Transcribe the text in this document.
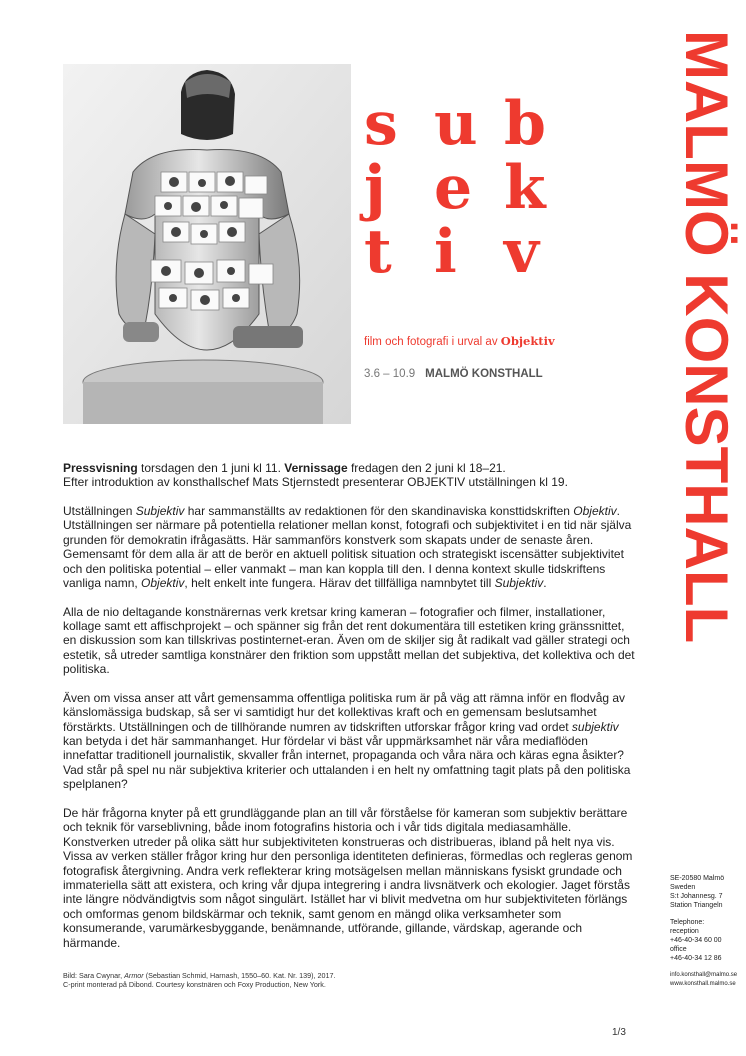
s u b
j e k
t i v
film och fotografi i urval av Objektiv
3.6 – 10.9 MALMÖ KONSTHALL MALMÖ KONSTHALL
SE-20580 Malmö
Sweden
S:t Johannesg. 7
Station Triangeln
Telephone:
reception
+46-40-34 60 00
office
+46-40-34 12 86
info.konsthall@malmo.se
www.konsthall.malmo.se

Pressvisning torsdagen den 1 juni kl 11. Vernissage fredagen den 2 juni kl 18–21.
Efter introduktion av konsthallschef Mats Stjernstedt presenterar OBJEKTIV utställningen kl 19.

Utställningen Subjektiv har sammanställts av redaktionen för den skandinaviska konsttidskriften Objektiv. Utställningen ser närmare på potentiella relationer mellan konst, fotografi och subjektivitet i en tid när själva grunden för demokratin ifrågasätts. Här sammanförs konstverk som skapats under de senaste åren. Gemensamt för dem alla är att de berör en aktuell politisk situation och strategiskt iscensätter subjektivitet och den politiska potential – eller vanmakt – man kan koppla till den. I denna kontext skulle tidskriftens vanliga namn, Objektiv, helt enkelt inte fungera. Härav det tillfälliga namnbytet till Subjektiv.

Alla de nio deltagande konstnärernas verk kretsar kring kameran – fotografier och filmer, installationer, kollage samt ett affischprojekt – och spänner sig från det rent dokumentära till estetiken kring gränssnittet, en diskussion som kan tillskrivas postinternet-eran. Även om de skiljer sig åt radikalt vad gäller strategi och estetik, så utreder samtliga konstnärer den friktion som uppstått mellan det subjektiva, det kollektiva och det politiska.

Även om vissa anser att vårt gemensamma offentliga politiska rum är på väg att rämna inför en flodvåg av känslomässiga budskap, så ser vi samtidigt hur det kollektivas kraft och en gemensam beslutsamhet förstärkts. Utställningen och de tillhörande numren av tidskriften utforskar frågor kring vad ordet subjektiv kan betyda i det här sammanhanget. Hur fördelar vi bäst vår uppmärksamhet när våra mediaflöden innefattar traditionell journalistik, skvaller från internet, propaganda och våra nära och käras egna åsikter? Vad står på spel nu när subjektiva kriterier och uttalanden i en helt ny omfattning tagit plats på den politiska spelplanen?

De här frågorna knyter på ett grundläggande plan an till vår förståelse för kameran som subjektiv berättare och teknik för varseblivning, både inom fotografins historia och i vår tids digitala mediasamhälle. Konstverken utreder på olika sätt hur subjektiviteten konstrueras och distribueras, ibland på helt nya vis. Vissa av verken ställer frågor kring hur den personliga identiteten definieras, förmedlas och regleras genom fotografisk återgivning. Andra verk reflekterar kring motsägelsen mellan människans fysiskt grundade och immateriella sätt att existera, och kring vår djupa integrering i andra livsnätverk och ekologier. Jaget förstås inte längre nödvändigtvis som något singulärt. Istället har vi blivit medvetna om hur subjektiviteten förlängs och omformas genom bildskärmar och teknik, samt genom en mängd olika verksamheter som konsumerande, varumärkesbyggande, benämnande, utförande, gillande, värdskap, agerande och härmande.

Bild: Sara Cwynar, Armor (Sebastian Schmid, Harnash, 1550–60. Kat. Nr. 139), 2017.
C-print monterad på Dibond. Courtesy konstnären och Foxy Production, New York.
1/3
